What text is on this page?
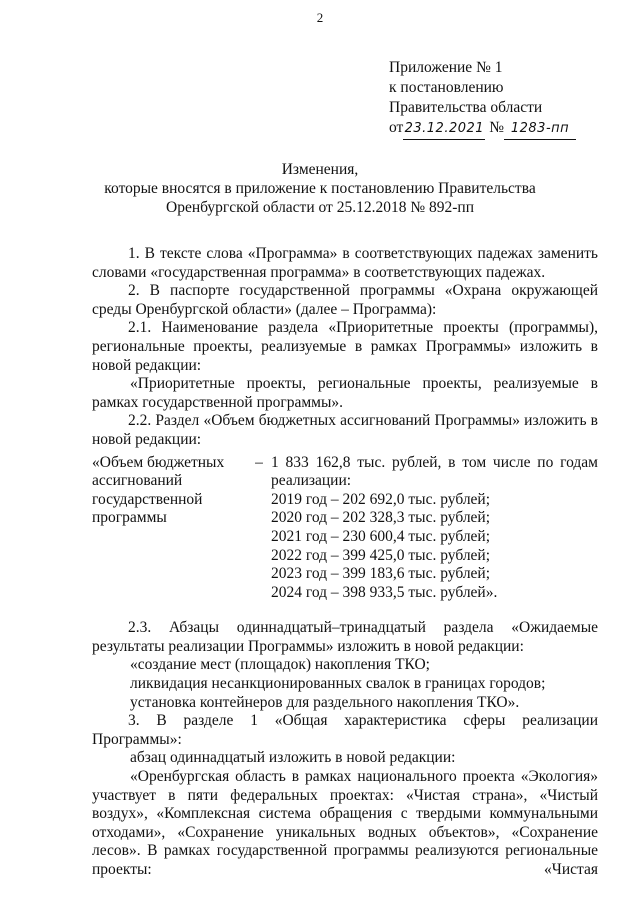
2
Приложение № 1
к постановлению
Правительства области
от23.12.2021 № 1283-пп
Изменения,
которые вносятся в приложение к постановлению Правительства
Оренбургской области от 25.12.2018 № 892-пп

1. В тексте слова «Программа» в соответствующих падежах заменить словами «государственная программа» в соответствующих падежах.

2. В паспорте государственной программы «Охрана окружающей среды Оренбургской области» (далее – Программа):

2.1. Наименование раздела «Приоритетные проекты (программы), региональные проекты, реализуемые в рамках Программы» изложить в новой редакции:

«Приоритетные проекты, региональные проекты, реализуемые в рамках государственной программы».

2.2. Раздел «Объем бюджетных ассигнований Программы» изложить в новой редакции:

«Объем бюджетных ассигнований государственной программы
– 1 833 162,8 тыс. рублей, в том числе по годам реализации:
2019 год – 202 692,0 тыс. рублей;
2020 год – 202 328,3 тыс. рублей;
2021 год – 230 600,4 тыс. рублей;
2022 год – 399 425,0 тыс. рублей;
2023 год – 399 183,6 тыс. рублей;
2024 год – 398 933,5 тыс. рублей».

2.3. Абзацы одиннадцатый–тринадцатый раздела «Ожидаемые результаты реализации Программы» изложить в новой редакции:

«создание мест (площадок) накопления ТКО;

ликвидация несанкционированных свалок в границах городов;

установка контейнеров для раздельного накопления ТКО».

3. В разделе 1 «Общая характеристика сферы реализации Программы»:

абзац одиннадцатый изложить в новой редакции:

«Оренбургская область в рамках национального проекта «Экология» участвует в пяти федеральных проектах: «Чистая страна», «Чистый воздух», «Комплексная система обращения с твердыми коммунальными отходами», «Сохранение уникальных водных объектов», «Сохранение лесов». В рамках государственной программы реализуются региональные проекты: «Чистая
